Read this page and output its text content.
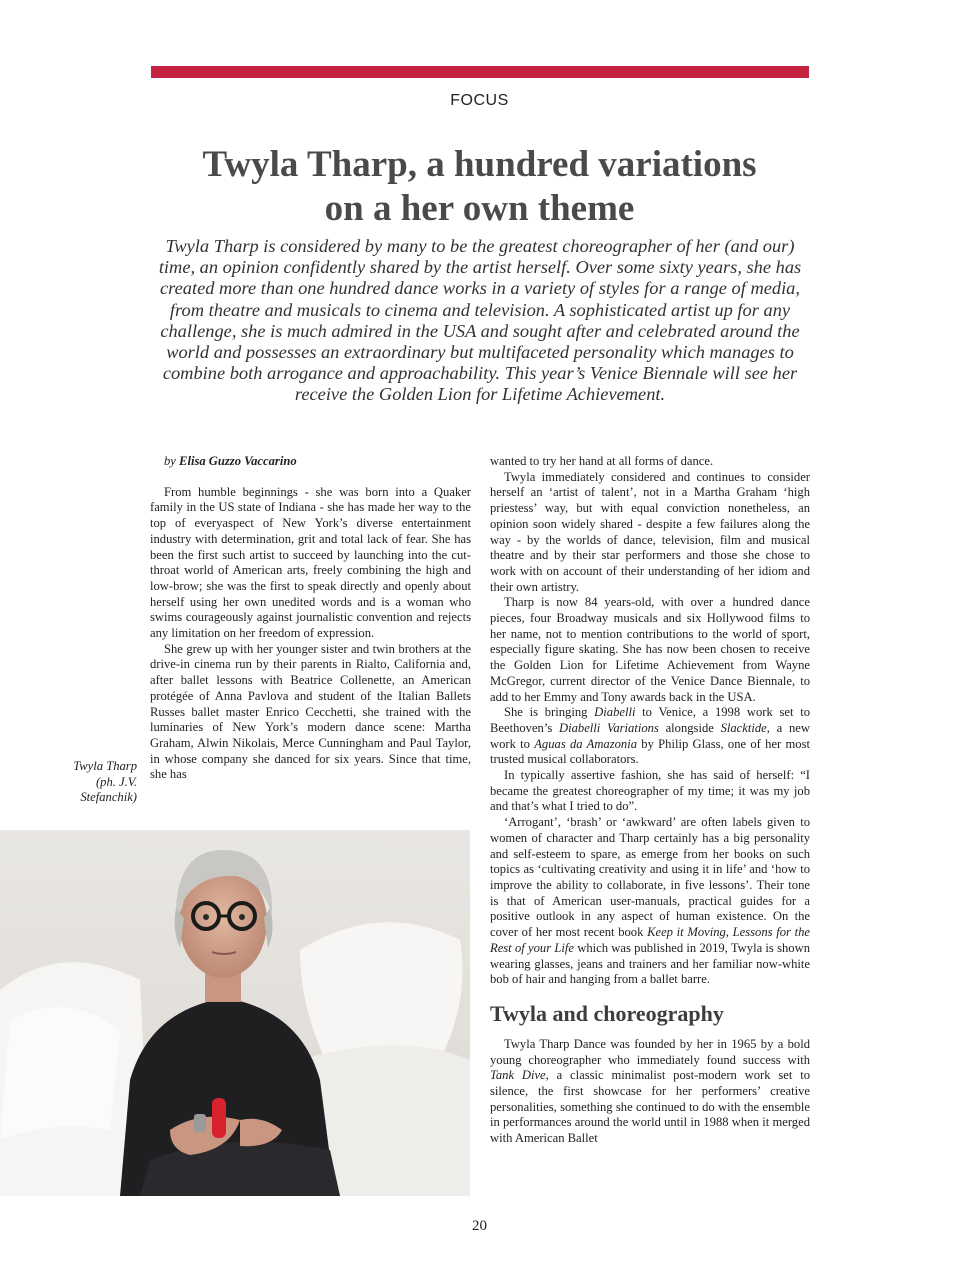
FOCUS
Twyla Tharp, a hundred variations
on a her own theme

Twyla Tharp is considered by many to be the greatest choreographer of her (and our) time, an opinion confidently shared by the artist herself. Over some sixty years, she has created more than one hundred dance works in a variety of styles for a range of media, from theatre and musicals to cinema and television. A sophisticated artist up for any challenge, she is much admired in the USA and sought after and celebrated around the world and possesses an extraordinary but multifaceted personality which manages to combine both arrogance and approachability. This year’s Venice Biennale will see her receive the Golden Lion for Lifetime Achievement.

by Elisa Guzzo Vaccarino

From humble beginnings - she was born into a Quaker family in the US state of Indiana - she has made her way to the top of everyaspect of New York’s diverse entertainment industry with determination, grit and total lack of fear. She has been the first such artist to succeed by launching into the cut-throat world of American arts, freely combining the high and low-brow; she was the first to speak directly and openly about herself using her own unedited words and is a woman who swims courageously against journalistic convention and rejects any limitation on her freedom of expression.

She grew up with her younger sister and twin brothers at the drive-in cinema run by their parents in Rialto, California and, after ballet lessons with Beatrice Collenette, an American protégée of Anna Pavlova and student of the Italian Ballets Russes ballet master Enrico Cecchetti, she trained with the luminaries of New York’s modern dance scene: Martha Graham, Alwin Nikolais, Merce Cunningham and Paul Taylor, in whose company she danced for six years. Since that time, she has

Twyla Tharp
(ph. J.V.
Stefanchik)

wanted to try her hand at all forms of dance.

Twyla immediately considered and continues to consider herself an ‘artist of talent’, not in a Martha Graham ‘high priestess’ way, but with equal conviction nonetheless, an opinion soon widely shared - despite a few failures along the way - by the worlds of dance, television, film and musical theatre and by their star performers and those she chose to work with on account of their understanding of her idiom and their own artistry.

Tharp is now 84 years-old, with over a hundred dance pieces, four Broadway musicals and six Hollywood films to her name, not to mention contributions to the world of sport, especially figure skating. She has now been chosen to receive the Golden Lion for Lifetime Achievement from Wayne McGregor, current director of the Venice Dance Biennale, to add to her Emmy and Tony awards back in the USA.

She is bringing Diabelli to Venice, a 1998 work set to Beethoven’s Diabelli Variations alongside Slacktide, a new work to Aguas da Amazonia by Philip Glass, one of her most trusted musical collaborators.

In typically assertive fashion, she has said of herself: “I became the greatest choreographer of my time; it was my job and that’s what I tried to do”.

‘Arrogant’, ‘brash’ or ‘awkward’ are often labels given to women of character and Tharp certainly has a big personality and self-esteem to spare, as emerge from her books on such topics as ‘cultivating creativity and using it in life’ and ‘how to improve the ability to collaborate, in five lessons’. Their tone is that of American user-manuals, practical guides for a positive outlook in any aspect of human existence. On the cover of her most recent book Keep it Moving, Lessons for the Rest of your Life which was published in 2019, Twyla is shown wearing glasses, jeans and trainers and her familiar now-white bob of hair and hanging from a ballet barre.

Twyla and choreography

Twyla Tharp Dance was founded by her in 1965 by a bold young choreographer who immediately found success with Tank Dive, a classic minimalist post-modern work set to silence, the first showcase for her performers’ creative personalities, something she continued to do with the ensemble in performances around the world until in 1988 when it merged with American Ballet

20
